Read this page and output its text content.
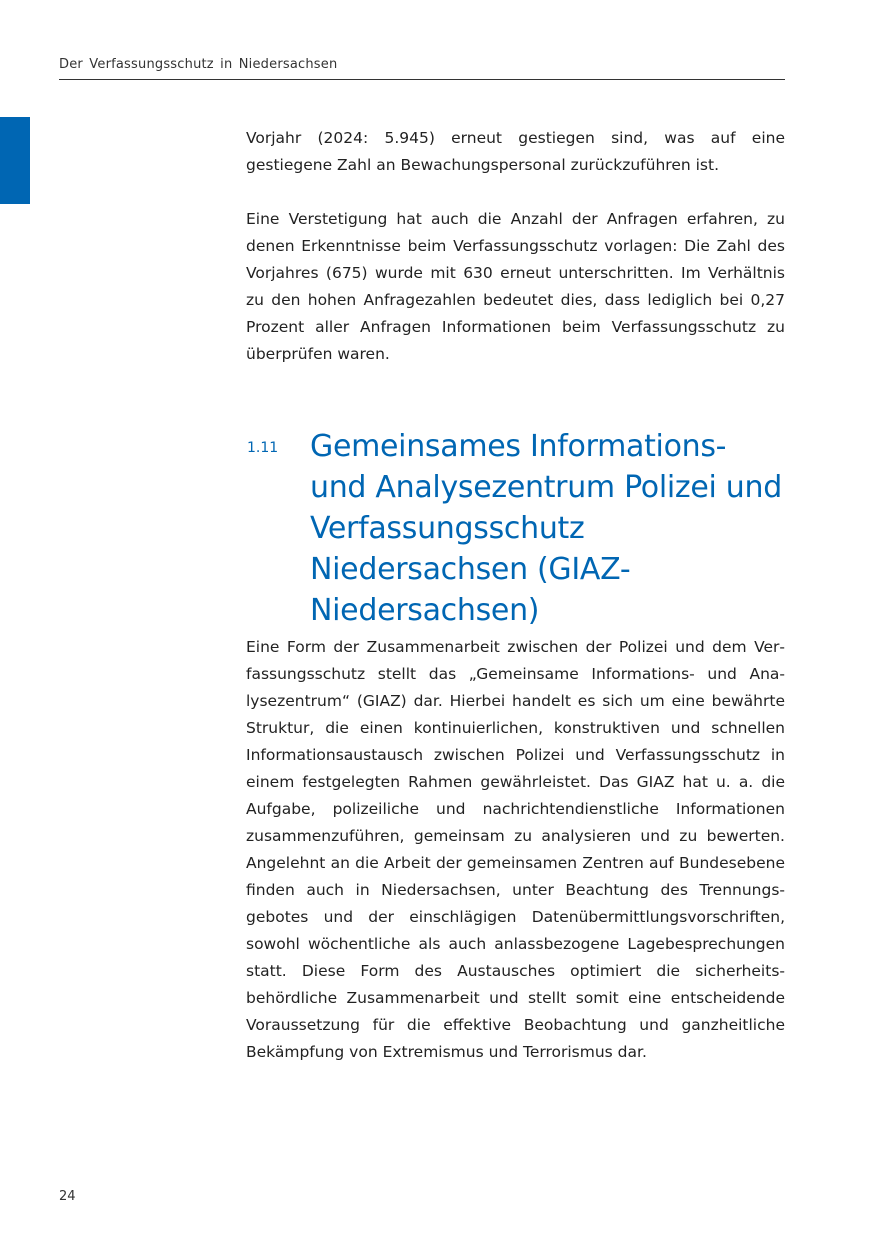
Der Verfassungsschutz in Niedersachsen

Vorjahr (2024: 5.945) erneut gestiegen sind, was auf eine gestiegene Zahl an Bewachungspersonal zurückzuführen ist.

Eine Verstetigung hat auch die Anzahl der Anfragen erfahren, zu denen Erkenntnisse beim Verfassungsschutz vorlagen: Die Zahl des Vorjahres (675) wurde mit 630 erneut unterschritten. Im Verhältnis zu den hohen Anfragezahlen bedeutet dies, dass lediglich bei 0,27 Prozent aller Anfragen Informationen beim Verfassungsschutz zu überprüfen waren.

1.11 Gemeinsames Informations- und Analysezentrum Polizei und Verfassungsschutz Niedersachsen (GIAZ-Niedersachsen)

Eine Form der Zusammenarbeit zwischen der Polizei und dem Verfassungsschutz stellt das „Gemeinsame Informations- und Analysezentrum“ (GIAZ) dar. Hierbei handelt es sich um eine bewährte Struktur, die einen kontinuierlichen, konstruktiven und schnellen Informationsaustausch zwischen Polizei und Verfassungsschutz in einem festgelegten Rahmen gewährleistet. Das GIAZ hat u. a. die Aufgabe, polizeiliche und nachrichtendienstliche Informationen zusammenzuführen, gemeinsam zu analysieren und zu bewerten. Angelehnt an die Arbeit der gemeinsamen Zentren auf Bundesebene finden auch in Niedersachsen, unter Beachtung des Trennungsgebotes und der einschlägigen Datenübermittlungsvorschriften, sowohl wöchentliche als auch anlassbezogene Lagebesprechungen statt. Diese Form des Austausches optimiert die sicherheitsbehördliche Zusammenarbeit und stellt somit eine entscheidende Voraussetzung für die effektive Beobachtung und ganzheitliche Bekämpfung von Extremismus und Terrorismus dar.

24
